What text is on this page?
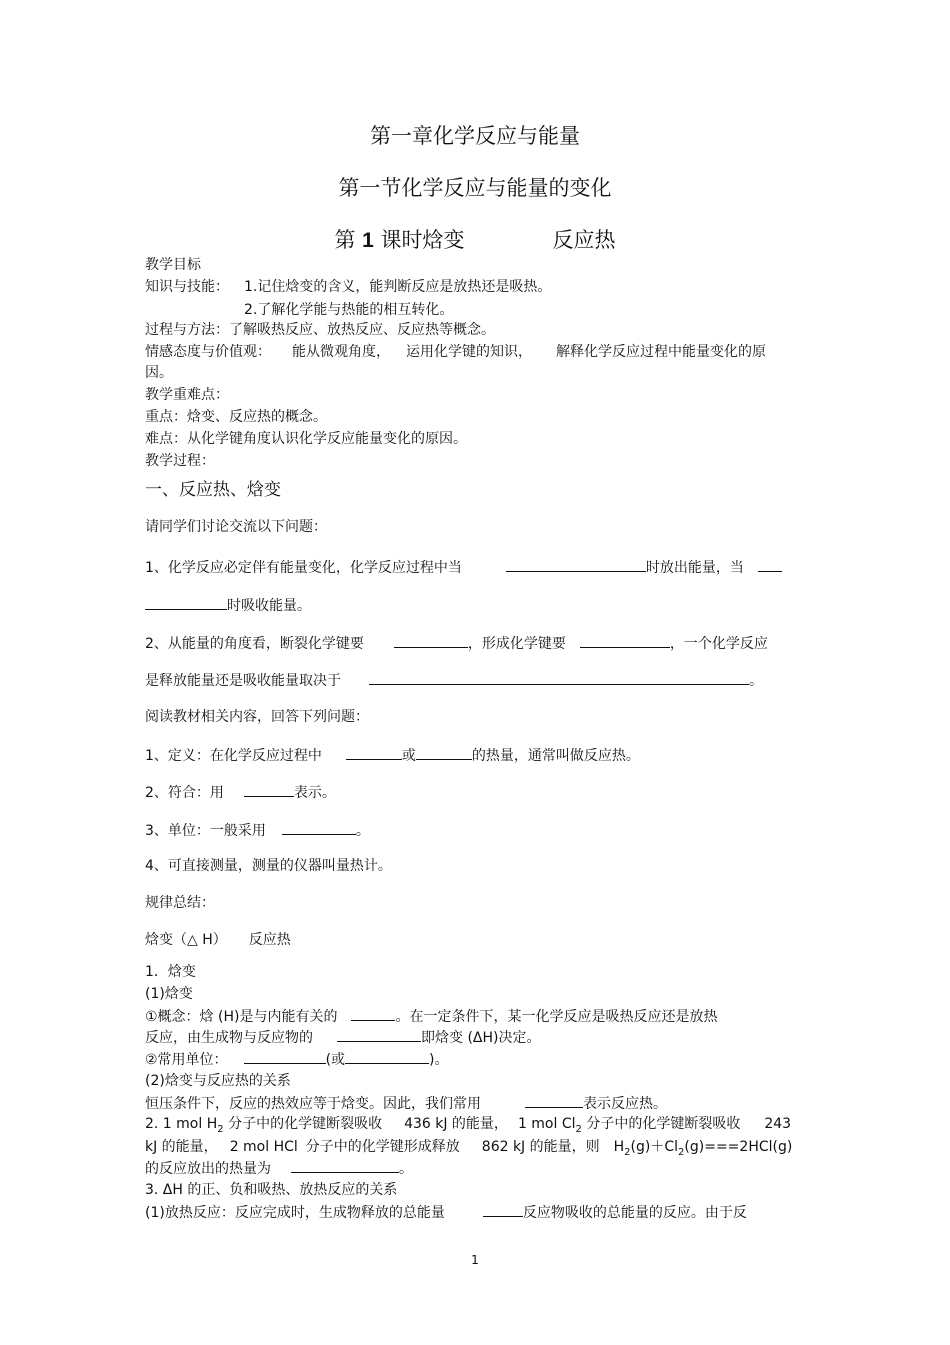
第一章化学反应与能量
第一节化学反应与能量的变化
第 1 课时焓变	反应热
教学目标
知识与技能： 1.记住焓变的含义，能判断反应是放热还是吸热。
2.了解化学能与热能的相互转化。
过程与方法：了解吸热反应、放热反应、反应热等概念。
情感态度与价值观： 能从微观角度， 运用化学键的知识， 解释化学反应过程中能量变化的原
因。
教学重难点：
重点：焓变、反应热的概念。
难点：从化学键角度认识化学反应能量变化的原因。
教学过程：
一、反应热、焓变
请同学们讨论交流以下问题：
1、化学反应必定伴有能量变化，化学反应过程中当	时放出能量，当
时吸收能量。
2、从能量的角度看，断裂化学键要	，形成化学键要	，一个化学反应
是释放能量还是吸收能量取决于	。
阅读教材相关内容，回答下列问题：
1、定义：在化学反应过程中	或	的热量，通常叫做反应热。
2、符合：用	表示。
3、单位：一般采用	。
4、可直接测量，测量的仪器叫量热计。
规律总结：
焓变（△ H） 反应热
1．焓变
(1)焓变
①概念：焓 (H)是与内能有关的	。在一定条件下，某一化学反应是吸热反应还是放热
反应，由生成物与反应物的	即焓变 (ΔH)决定。
②常用单位：	(或	)。
(2)焓变与反应热的关系
恒压条件下，反应的热效应等于焓变。因此，我们常用	表示反应热。
2. 1 mol $H_2$ 分子中的化学键断裂吸收 436 kJ 的能量， 1 mol $Cl_2$ 分子中的化学键断裂吸收 243
kJ 的能量， 2 mol HCl 分子中的化学键形成释放 862 kJ 的能量，则 $H_2(g)+Cl_2(g)===2HCl(g)$
的反应放出的热量为	。
3. ΔH 的正、负和吸热、放热反应的关系
(1)放热反应：反应完成时，生成物释放的总能量	反应物吸收的总能量的反应。由于反
1
